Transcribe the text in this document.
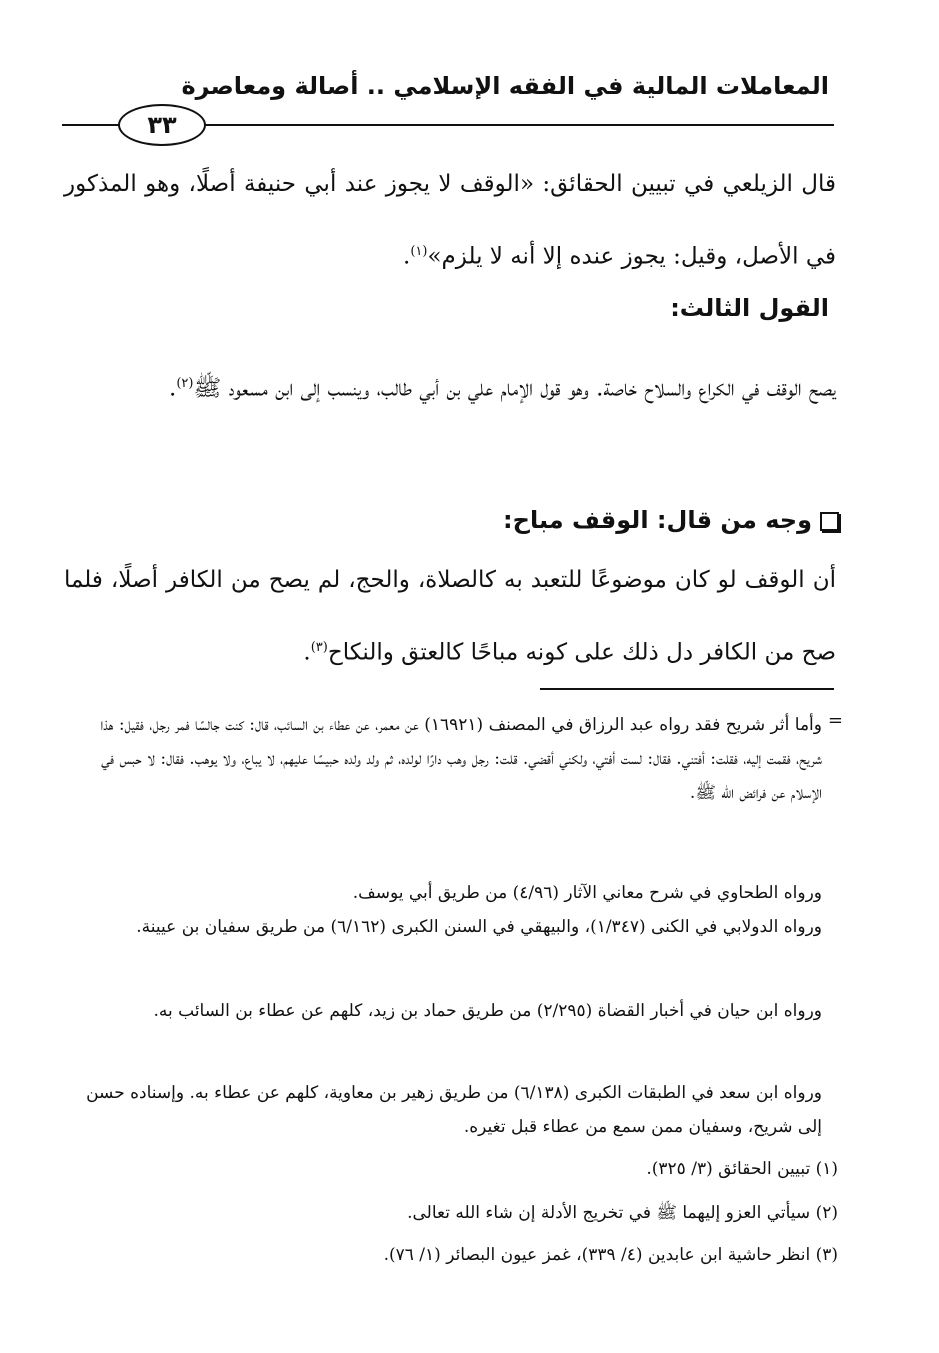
المعاملات المالية في الفقه الإسلامي .. أصالة ومعاصرة
٣٣
قال الزيلعي في تبيين الحقائق: «الوقف لا يجوز عند أبي حنيفة أصلًا، وهو المذكور في الأصل، وقيل: يجوز عنده إلا أنه لا يلزم»$^{(١)}$.
القول الثالث:
يصح الوقف في الكراع والسلاح خاصة. وهو قول الإمام علي بن أبي طالب، وينسب إلى ابن مسعود ﷺ$^{(٢)}$.
وجه من قال: الوقف مباح:
أن الوقف لو كان موضوعًا للتعبد به كالصلاة، والحج، لم يصح من الكافر أصلًا، فلما صح من الكافر دل ذلك على كونه مباحًا كالعتق والنكاح$^{(٣)}$.
=
وأما أثر شريح فقد رواه عبد الرزاق في المصنف (١٦٩٢١) عن معمر، عن عطاء بن السائب، قال: كنت جالسًا فمر رجل، فقيل: هذا شريح، فقمت إليه، فقلت: أفتني. فقال: لست أفتي، ولكني أقضي. قلت: رجل وهب دارًا لولده، ثم ولد ولده حبيسًا عليهم، لا يباع، ولا يوهب. فقال: لا حبس في الإسلام عن فرائض الله ﷺ.
ورواه الطحاوي في شرح معاني الآثار (٤/٩٦) من طريق أبي يوسف.
ورواه الدولابي في الكنى (١/٣٤٧)، والبيهقي في السنن الكبرى (٦/١٦٢) من طريق سفيان بن عيينة.
ورواه ابن حيان في أخبار القضاة (٢/٢٩٥) من طريق حماد بن زيد، كلهم عن عطاء بن السائب به.
ورواه ابن سعد في الطبقات الكبرى (٦/١٣٨) من طريق زهير بن معاوية، كلهم عن عطاء به. وإسناده حسن إلى شريح، وسفيان ممن سمع من عطاء قبل تغيره.
(١) تبيين الحقائق (٣/ ٣٢٥).
(٢) سيأتي العزو إليهما ﷺ في تخريج الأدلة إن شاء الله تعالى.
(٣) انظر حاشية ابن عابدين (٤/ ٣٣٩)، غمز عيون البصائر (١/ ٧٦).
